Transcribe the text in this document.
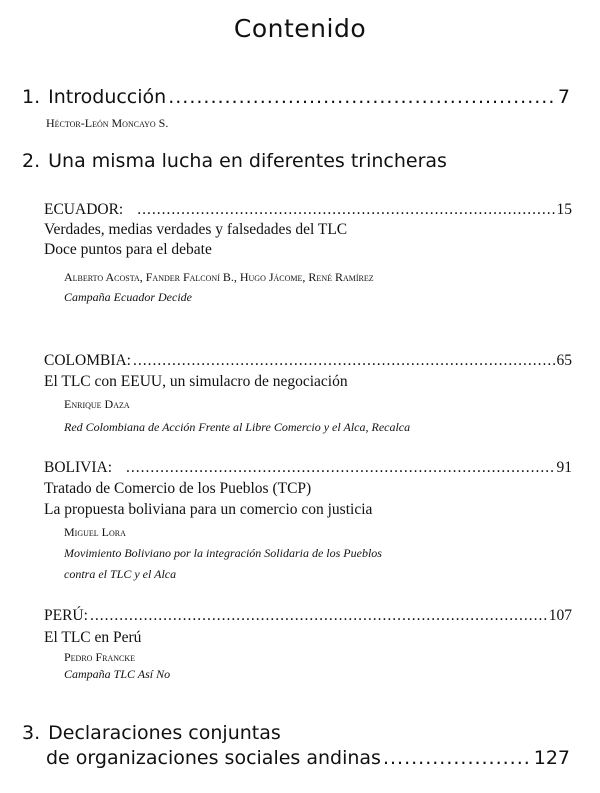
Contenido
1. Introducción .....	7
Héctor-León Moncayo S.
2. Una misma lucha en diferentes trincheras
ECUADOR: .....	15
Verdades, medias verdades y falsedades del TLC
Doce puntos para el debate
Alberto Acosta, Fander Falconí B., Hugo Jácome, René Ramírez
Campaña Ecuador Decide
COLOMBIA: .....	65
El TLC con EEUU, un simulacro de negociación
Enrique Daza
Red Colombiana de Acción Frente al Libre Comercio y el Alca, Recalca
BOLIVIA: .....	91
Tratado de Comercio de los Pueblos (TCP)
La propuesta boliviana para un comercio con justicia
Miguel Lora
Movimiento Boliviano por la integración Solidaria de los Pueblos
contra el TLC y el Alca
PERÚ: .....	107
El TLC en Perú
Pedro Francke
Campaña TLC Así No
3. Declaraciones conjuntas
de organizaciones sociales andinas .....	127
